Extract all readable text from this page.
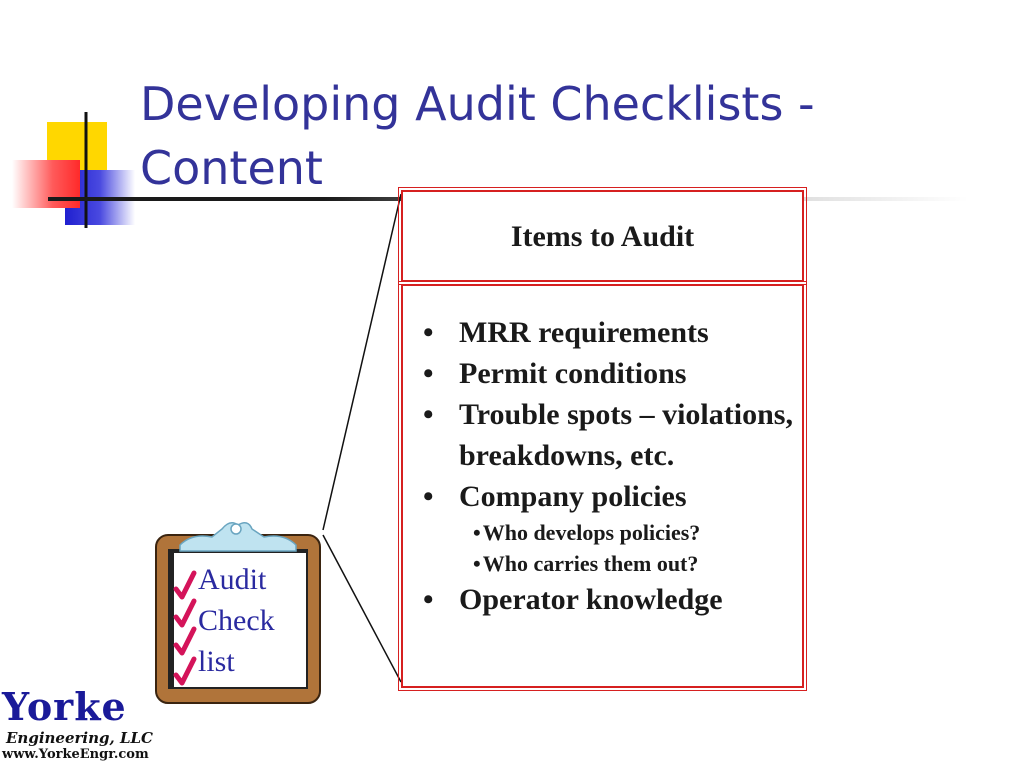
Developing Audit Checklists - Content
Items to Audit
• MRR requirements
• Permit conditions
• Trouble spots – violations, breakdowns, etc.
• Company policies
•Who develops policies?
•Who carries them out?
• Operator knowledge
Audit
Check
list
Yorke
Engineering, LLC
www.YorkeEngr.com
